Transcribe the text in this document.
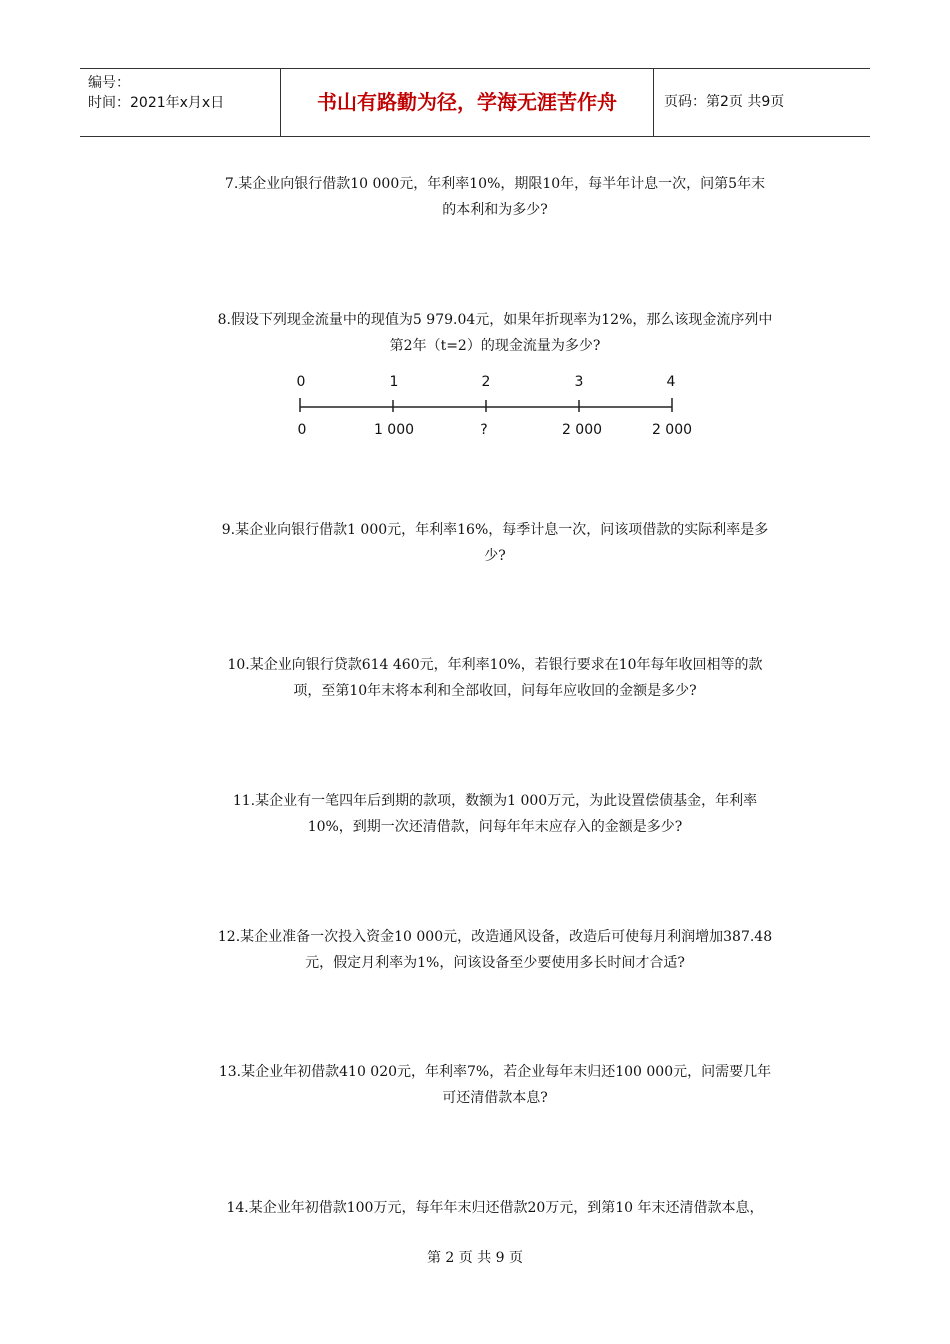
编号：
时间：2021年x月x日	书山有路勤为径，学海无涯苦作舟	页码：第2页 共9页
7.某企业向银行借款10 000元，年利率10%，期限10年，每半年计息一次，问第5年末
的本利和为多少?
8.假设下列现金流量中的现值为5 979.04元，如果年折现率为12%，那么该现金流序列中
第2年（t=2）的现金流量为多少?
0	1	2	3	4
0	1 000	?	2 000	2 000
9.某企业向银行借款1 000元，年利率16%，每季计息一次，问该项借款的实际利率是多
少?
10.某企业向银行贷款614 460元，年利率10%，若银行要求在10年每年收回相等的款
项，至第10年末将本利和全部收回，问每年应收回的金额是多少?
11.某企业有一笔四年后到期的款项，数额为1 000万元，为此设置偿债基金，年利率
10%，到期一次还清借款，问每年年末应存入的金额是多少?
12.某企业准备一次投入资金10 000元，改造通风设备，改造后可使每月利润增加387.48
元，假定月利率为1%，问该设备至少要使用多长时间才合适?
13.某企业年初借款410 020元，年利率7%，若企业每年末归还100 000元，问需要几年
可还清借款本息?
14.某企业年初借款100万元，每年年末归还借款20万元，到第10 年末还清借款本息，
第 2 页 共 9 页
